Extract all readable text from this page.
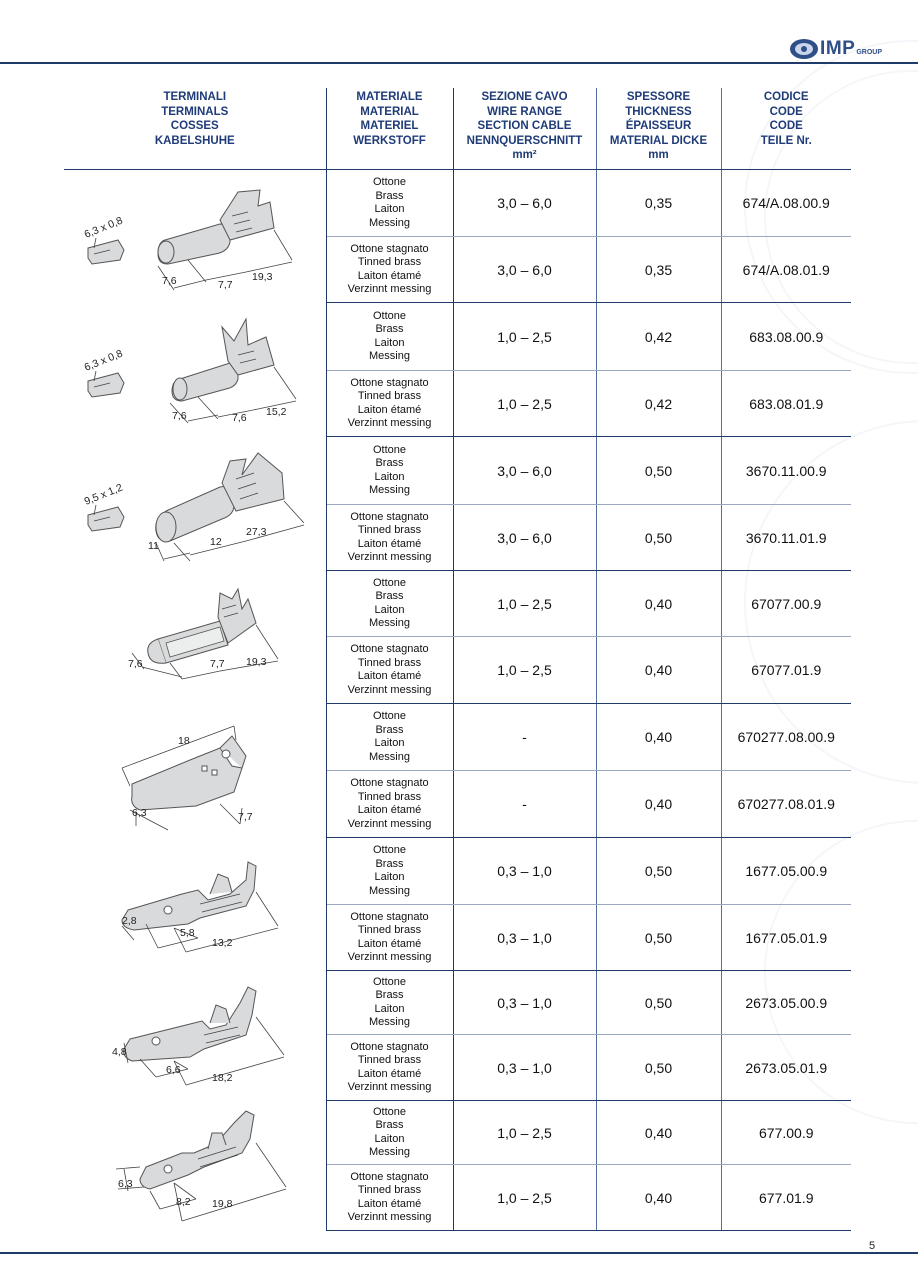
IMP GROUP
TERMINALI
TERMINALS
COSSES
KABELSHUHE	MATERIALE
MATERIAL
MATERIEL
WERKSTOFF	SEZIONE CAVO
WIRE RANGE
SECTION CABLE
NENNQUERSCHNITT
mm²	SPESSORE
THICKNESS
ÉPAISSEUR
MATERIAL DICKE
mm	CODICE
CODE
CODE
TEILE Nr.

6,3 x 0,8
7,6 7,7
19,3	Ottone
Brass
Laiton
Messing	3,0 – 6,0	0,35	674/A.08.00.9

	Ottone stagnato
Tinned brass
Laiton étamé
Verzinnt messing	3,0 – 6,0	0,35	674/A.08.01.9

6,3 x 0,8
7,6 7,6 15,2	Ottone
Brass
Laiton
Messing	1,0 – 2,5	0,42	683.08.00.9

	Ottone stagnato
Tinned brass
Laiton étamé
Verzinnt messing	1,0 – 2,5	0,42	683.08.01.9

9,5 x 1,2
11 12
27,3	Ottone
Brass
Laiton
Messing	3,0 – 6,0	0,50	3670.11.00.9

	Ottone stagnato
Tinned brass
Laiton étamé
Verzinnt messing	3,0 – 6,0	0,50	3670.11.01.9

7,6 7,7 19,3	Ottone
Brass
Laiton
Messing	1,0 – 2,5	0,40	67077.00.9

	Ottone stagnato
Tinned brass
Laiton étamé
Verzinnt messing	1,0 – 2,5	0,40	67077.01.9

18
6,3 7,7	Ottone
Brass
Laiton
Messing	-	0,40	670277.08.00.9

	Ottone stagnato
Tinned brass
Laiton étamé
Verzinnt messing	-	0,40	670277.08.01.9

2,8
5,8
13,2	Ottone
Brass
Laiton
Messing	0,3 – 1,0	0,50	1677.05.00.9

	Ottone stagnato
Tinned brass
Laiton étamé
Verzinnt messing	0,3 – 1,0	0,50	1677.05.01.9

4,8
6,6
18,2	Ottone
Brass
Laiton
Messing	0,3 – 1,0	0,50	2673.05.00.9

	Ottone stagnato
Tinned brass
Laiton étamé
Verzinnt messing	0,3 – 1,0	0,50	2673.05.01.9

6,3
8,2 19,8	Ottone
Brass
Laiton
Messing	1,0 – 2,5	0,40	677.00.9

	Ottone stagnato
Tinned brass
Laiton étamé
Verzinnt messing	1,0 – 2,5	0,40	677.01.9
5
